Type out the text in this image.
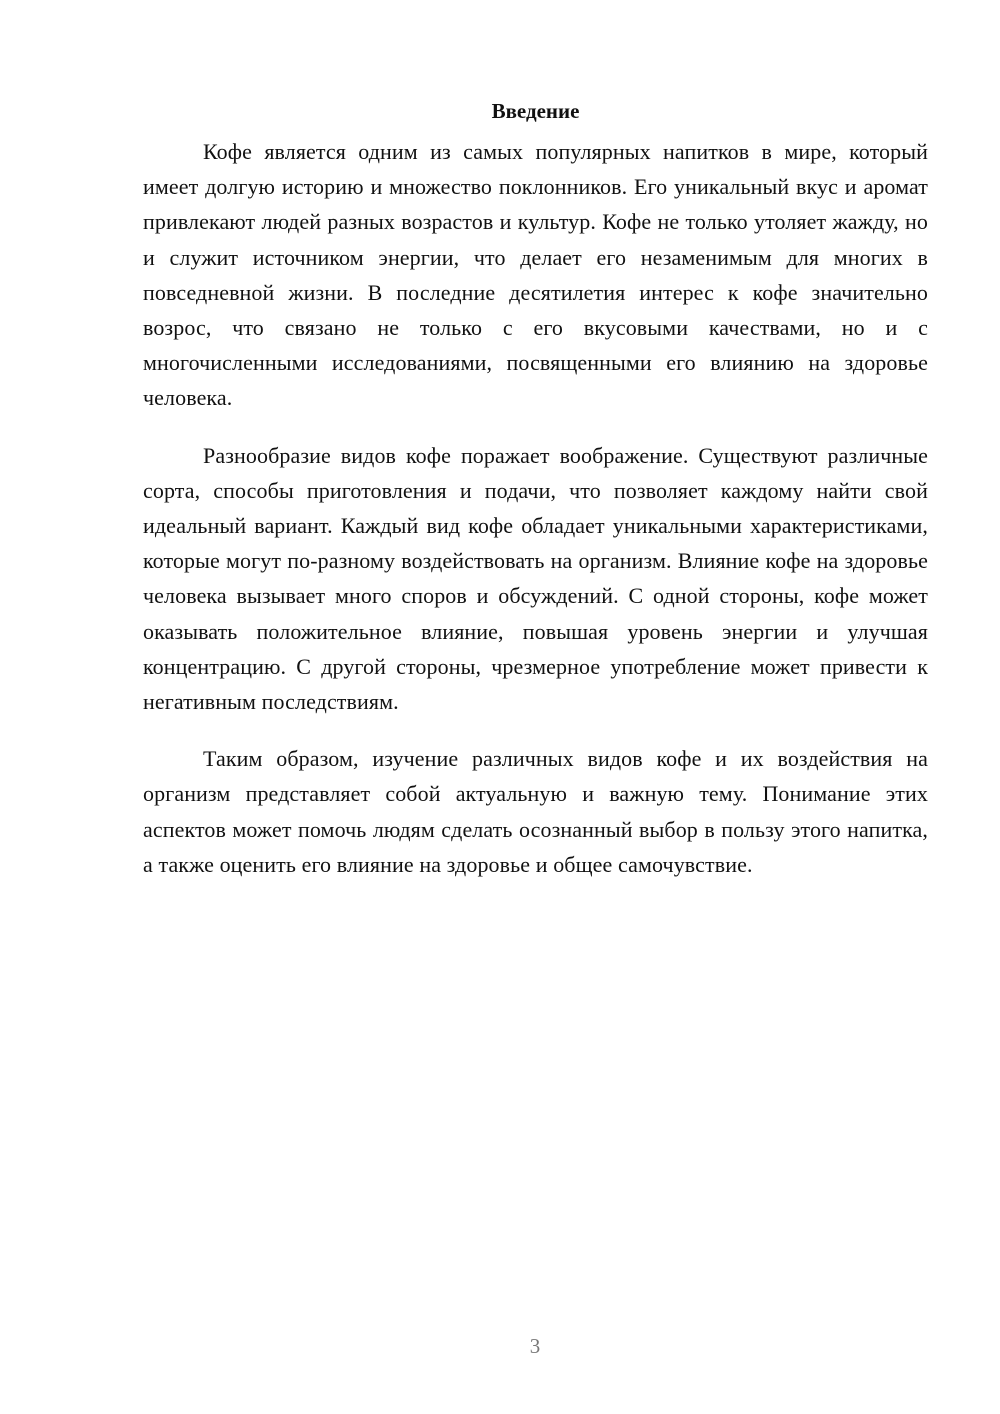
Введение

Кофе является одним из самых популярных напитков в мире, который имеет долгую историю и множество поклонников. Его уникальный вкус и аромат привлекают людей разных возрастов и культур. Кофе не только утоляет жажду, но и служит источником энергии, что делает его незаменимым для многих в повседневной жизни. В последние десятилетия интерес к кофе значительно возрос, что связано не только с его вкусовыми качествами, но и с многочисленными исследованиями, посвященными его влиянию на здоровье человека.

Разнообразие видов кофе поражает воображение. Существуют различные сорта, способы приготовления и подачи, что позволяет каждому найти свой идеальный вариант. Каждый вид кофе обладает уникальными характеристиками, которые могут по-разному воздействовать на организм. Влияние кофе на здоровье человека вызывает много споров и обсуждений. С одной стороны, кофе может оказывать положительное влияние, повышая уровень энергии и улучшая концентрацию. С другой стороны, чрезмерное употребление может привести к негативным последствиям.

Таким образом, изучение различных видов кофе и их воздействия на организм представляет собой актуальную и важную тему. Понимание этих аспектов может помочь людям сделать осознанный выбор в пользу этого напитка, а также оценить его влияние на здоровье и общее самочувствие.

3
